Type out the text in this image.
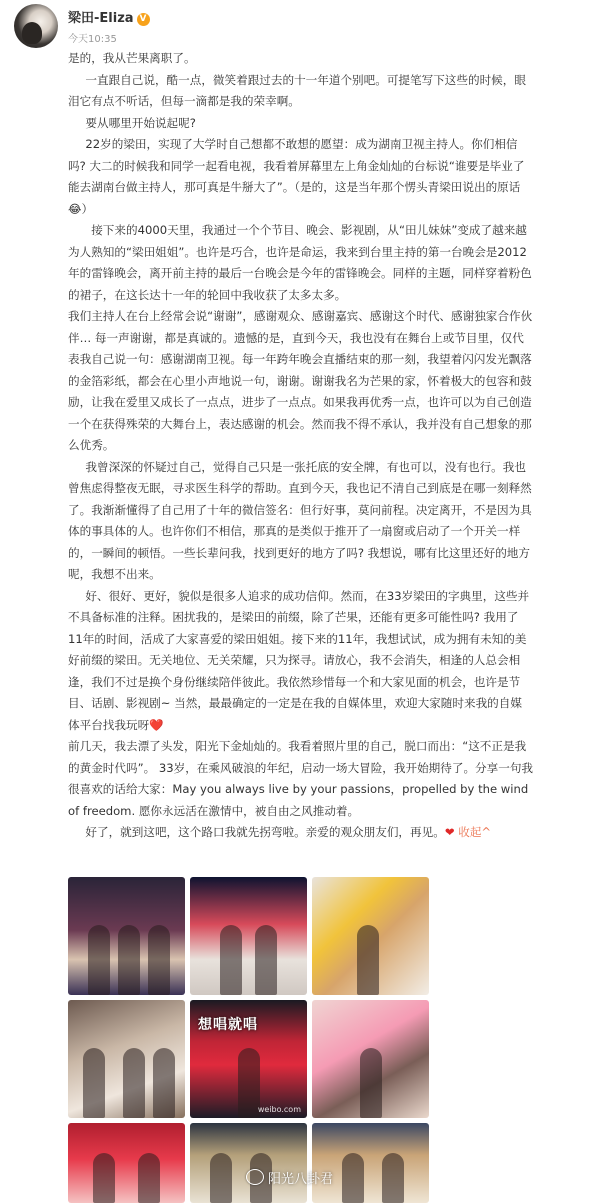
梁田-Eliza V
今天10:35

是的，我从芒果离职了。

一直跟自己说，酷一点，微笑着跟过去的十一年道个别吧。可提笔写下这些的时候，眼泪它有点不听话，但每一滴都是我的荣幸啊。

要从哪里开始说起呢?

22岁的梁田，实现了大学时自己想都不敢想的愿望：成为湖南卫视主持人。你们相信吗? 大二的时候我和同学一起看电视，我看着屏幕里左上角金灿灿的台标说“谁要是毕业了能去湖南台做主持人，那可真是牛掰大了”。（是的，这是当年那个愣头青梁田说出的原话😂）

接下来的4000天里，我通过一个个节目、晚会、影视剧，从“田儿妹妹”变成了越来越为人熟知的“梁田姐姐”。也许是巧合，也许是命运，我来到台里主持的第一台晚会是2012年的雷锋晚会，离开前主持的最后一台晚会是今年的雷锋晚会。同样的主题，同样穿着粉色的裙子，在这长达十一年的轮回中我收获了太多太多。

我们主持人在台上经常会说“谢谢”，感谢观众、感谢嘉宾、感谢这个时代、感谢独家合作伙伴… 每一声谢谢，都是真诚的。遗憾的是，直到今天，我也没有在舞台上或节目里，仅代表我自己说一句：感谢湖南卫视。每一年跨年晚会直播结束的那一刻，我望着闪闪发光飘落的金箔彩纸，都会在心里小声地说一句，谢谢。谢谢我名为芒果的家，怀着极大的包容和鼓励，让我在爱里又成长了一点点，进步了一点点。如果我再优秀一点，也许可以为自己创造一个在获得殊荣的大舞台上，表达感谢的机会。然而我不得不承认，我并没有自己想象的那么优秀。

我曾深深的怀疑过自己，觉得自己只是一张托底的安全牌，有也可以，没有也行。我也曾焦虑得整夜无眠，寻求医生科学的帮助。直到今天，我也记不清自己到底是在哪一刻释然了。我渐渐懂得了自己用了十年的微信签名：但行好事，莫问前程。决定离开，不是因为具体的事具体的人。也许你们不相信，那真的是类似于推开了一扇窗或启动了一个开关一样的，一瞬间的顿悟。一些长辈问我，找到更好的地方了吗? 我想说，哪有比这里还好的地方呢，我想不出来。

好、很好、更好，貌似是很多人追求的成功信仰。然而，在33岁梁田的字典里，这些并不具备标准的注释。困扰我的，是梁田的前缀，除了芒果，还能有更多可能性吗? 我用了11年的时间，活成了大家喜爱的梁田姐姐。接下来的11年，我想试试，成为拥有未知的美好前缀的梁田。无关地位、无关荣耀，只为探寻。请放心，我不会消失，相逢的人总会相逢，我们不过是换个身份继续陪伴彼此。我依然珍惜每一个和大家见面的机会，也许是节目、话剧、影视剧~ 当然，最最确定的一定是在我的自媒体里，欢迎大家随时来我的自媒体平台找我玩呀❤️

前几天，我去漂了头发，阳光下金灿灿的。我看着照片里的自己，脱口而出：“这不正是我的黄金时代吗”。 33岁，在乘风破浪的年纪，启动一场大冒险，我开始期待了。分享一句我很喜欢的话给大家：May you always live by your passions，propelled by the wind of freedom. 愿你永远活在激情中，被自由之风推动着。

好了，就到这吧，这个路口我就先拐弯啦。亲爱的观众朋友们，再见。❤ 收起^

想唱就唱
weibo.com
阳光八卦君
